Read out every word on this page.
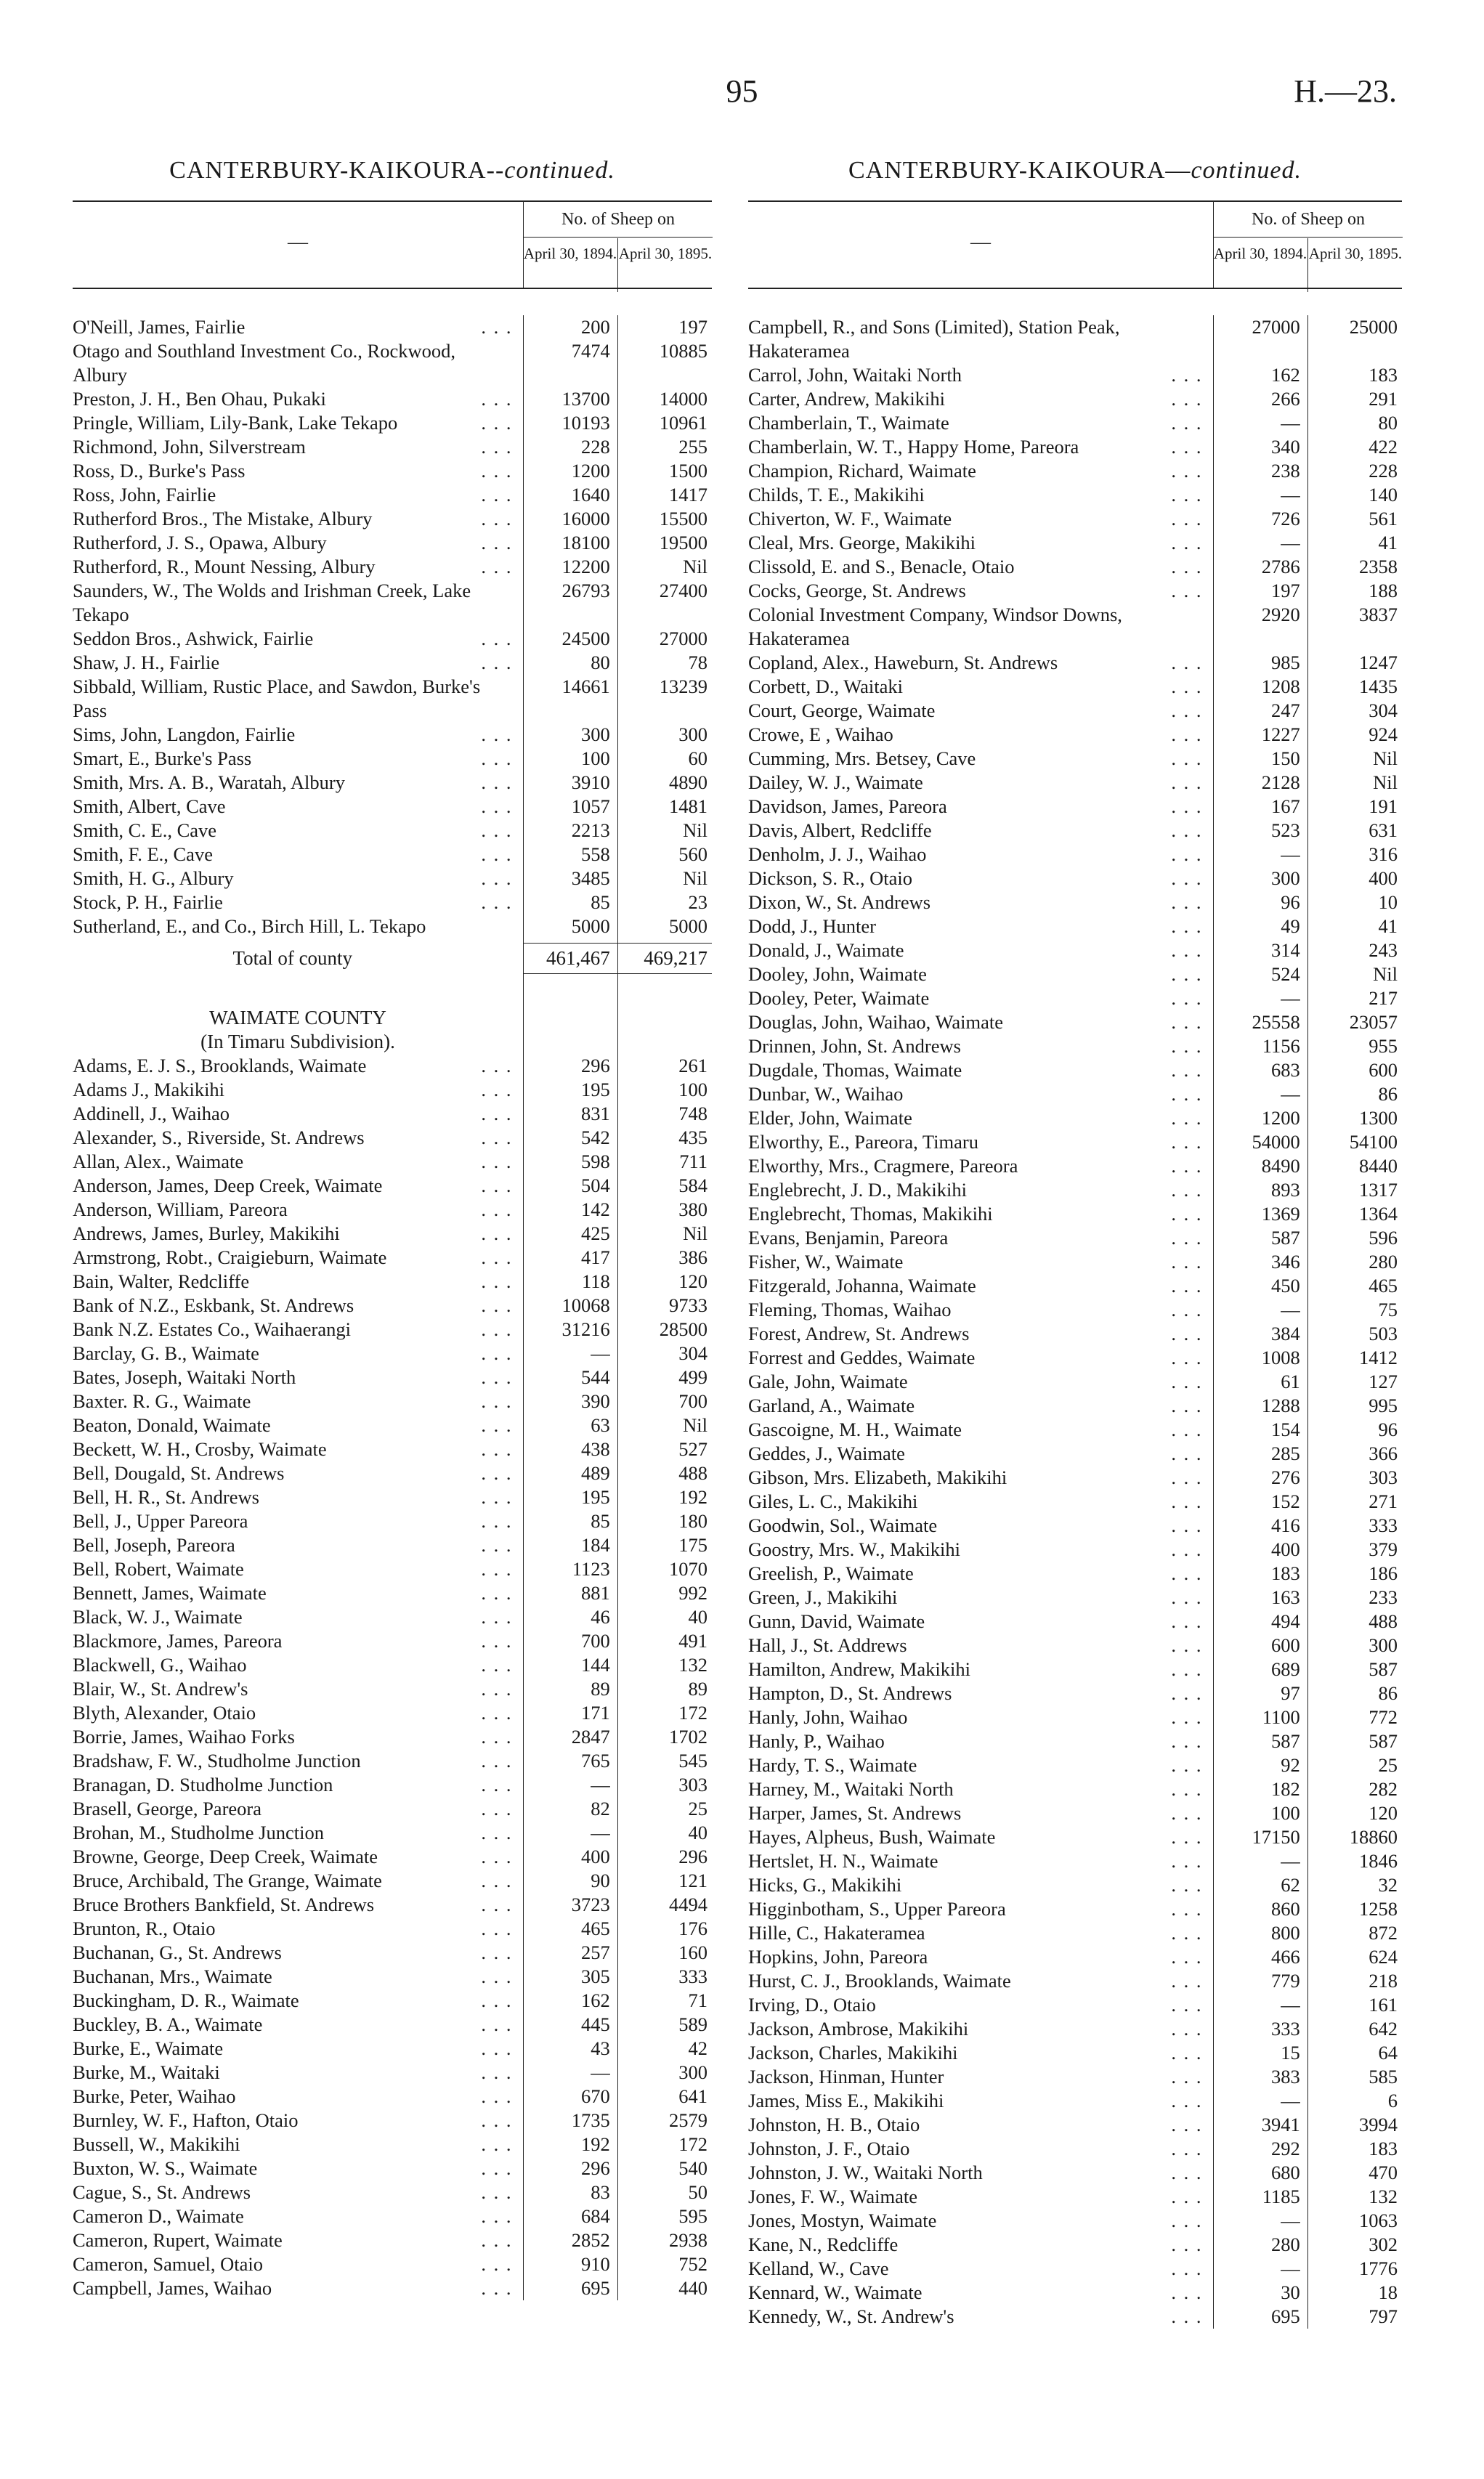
95	H.—23.
CANTERBURY-KAIKOURA--continued.
—
No. of Sheep on
April 30, 1894. April 30, 1895.
O'Neill, James, Fairlie	. . .	200	197
Otago and Southland Investment Co., Rockwood, Albury
7474	10885
Preston, J. H., Ben Ohau, Pukaki	. . .	13700	14000
Pringle, William, Lily-Bank, Lake Tekapo	. . .	10193	10961
Richmond, John, Silverstream	. . .	228	255
Ross, D., Burke's Pass	. . .	1200	1500
Ross, John, Fairlie	. . .	1640	1417
Rutherford Bros., The Mistake, Albury	. . .	16000	15500
Rutherford, J. S., Opawa, Albury	. . .	18100	19500
Rutherford, R., Mount Nessing, Albury	. . .	12200	Nil
Saunders, W., The Wolds and Irishman Creek, Lake Tekapo
26793	27400
Seddon Bros., Ashwick, Fairlie	. . .	24500	27000
Shaw, J. H., Fairlie	. . .	80	78
Sibbald, William, Rustic Place, and Sawdon, Burke's Pass
14661	13239
Sims, John, Langdon, Fairlie	. . .	300	300
Smart, E., Burke's Pass	. . .	100	60
Smith, Mrs. A. B., Waratah, Albury	. . .	3910	4890
Smith, Albert, Cave	. . .	1057	1481
Smith, C. E., Cave	. . .	2213	Nil
Smith, F. E., Cave	. . .	558	560
Smith, H. G., Albury	. . .	3485	Nil
Stock, P. H., Fairlie	. . .	85	23
Sutherland, E., and Co., Birch Hill, L. Tekapo	5000	5000
Total of county	461,467	469,217
WAIMATE COUNTY
(In Timaru Subdivision).
Adams, E. J. S., Brooklands, Waimate	. . .	296	261
Adams J., Makikihi	. . .	195	100
Addinell, J., Waihao	. . .	831	748
Alexander, S., Riverside, St. Andrews	. . .	542	435
Allan, Alex., Waimate	. . .	598	711
Anderson, James, Deep Creek, Waimate	. . .	504	584
Anderson, William, Pareora	. . .	142	380
Andrews, James, Burley, Makikihi	. . .	425	Nil
Armstrong, Robt., Craigieburn, Waimate	. . .	417	386
Bain, Walter, Redcliffe	. . .	118	120
Bank of N.Z., Eskbank, St. Andrews	. . .	10068	9733
Bank N.Z. Estates Co., Waihaerangi	. . .	31216	28500
Barclay, G. B., Waimate	. . .	—	304
Bates, Joseph, Waitaki North	. . .	544	499
Baxter. R. G., Waimate	. . .	390	700
Beaton, Donald, Waimate	. . .	63	Nil
Beckett, W. H., Crosby, Waimate	. . .	438	527
Bell, Dougald, St. Andrews	. . .	489	488
Bell, H. R., St. Andrews	. . .	195	192
Bell, J., Upper Pareora	. . .	85	180
Bell, Joseph, Pareora	. . .	184	175
Bell, Robert, Waimate	. . .	1123	1070
Bennett, James, Waimate	. . .	881	992
Black, W. J., Waimate	. . .	46	40
Blackmore, James, Pareora	. . .	700	491
Blackwell, G., Waihao	. . .	144	132
Blair, W., St. Andrew's	. . .	89	89
Blyth, Alexander, Otaio	. . .	171	172
Borrie, James, Waihao Forks	. . .	2847	1702
Bradshaw, F. W., Studholme Junction	. . .	765	545
Branagan, D. Studholme Junction	. . .	—	303
Brasell, George, Pareora	. . .	82	25
Brohan, M., Studholme Junction	. . .	—	40
Browne, George, Deep Creek, Waimate	. . .	400	296
Bruce, Archibald, The Grange, Waimate	. . .	90	121
Bruce Brothers Bankfield, St. Andrews	. . .	3723	4494
Brunton, R., Otaio	. . .	465	176
Buchanan, G., St. Andrews	. . .	257	160
Buchanan, Mrs., Waimate	. . .	305	333
Buckingham, D. R., Waimate	. . .	162	71
Buckley, B. A., Waimate	. . .	445	589
Burke, E., Waimate	. . .	43	42
Burke, M., Waitaki	. . .	—	300
Burke, Peter, Waihao	. . .	670	641
Burnley, W. F., Hafton, Otaio	. . .	1735	2579
Bussell, W., Makikihi	. . .	192	172
Buxton, W. S., Waimate	. . .	296	540
Cague, S., St. Andrews	. . .	83	50
Cameron D., Waimate	. . .	684	595
Cameron, Rupert, Waimate	. . .	2852	2938
Cameron, Samuel, Otaio	. . .	910	752
Campbell, James, Waihao	. . .	695	440
CANTERBURY-KAIKOURA—continued.
—
No. of Sheep on
April 30, 1894. April 30, 1895.
Campbell, R., and Sons (Limited), Station Peak, Hakateramea
27000	25000
Carrol, John, Waitaki North	. . .	162	183
Carter, Andrew, Makikihi	. . .	266	291
Chamberlain, T., Waimate	. . .	—	80
Chamberlain, W. T., Happy Home, Pareora	. . .	340	422
Champion, Richard, Waimate	. . .	238	228
Childs, T. E., Makikihi	. . .	—	140
Chiverton, W. F., Waimate	. . .	726	561
Cleal, Mrs. George, Makikihi	. . .	—	41
Clissold, E. and S., Benacle, Otaio	. . .	2786	2358
Cocks, George, St. Andrews	. . .	197	188
Colonial Investment Company, Windsor Downs, Hakateramea
2920	3837
Copland, Alex., Haweburn, St. Andrews	. . .	985	1247
Corbett, D., Waitaki	. . .	1208	1435
Court, George, Waimate	. . .	247	304
Crowe, E , Waihao	. . .	1227	924
Cumming, Mrs. Betsey, Cave	. . .	150	Nil
Dailey, W. J., Waimate	. . .	2128	Nil
Davidson, James, Pareora	. . .	167	191
Davis, Albert, Redcliffe	. . .	523	631
Denholm, J. J., Waihao	. . .	—	316
Dickson, S. R., Otaio	. . .	300	400
Dixon, W., St. Andrews	. . .	96	10
Dodd, J., Hunter	. . .	49	41
Donald, J., Waimate	. . .	314	243
Dooley, John, Waimate	. . .	524	Nil
Dooley, Peter, Waimate	. . .	—	217
Douglas, John, Waihao, Waimate	. . .	25558	23057
Drinnen, John, St. Andrews	. . .	1156	955
Dugdale, Thomas, Waimate	. . .	683	600
Dunbar, W., Waihao	. . .	—	86
Elder, John, Waimate	. . .	1200	1300
Elworthy, E., Pareora, Timaru	. . .	54000	54100
Elworthy, Mrs., Cragmere, Pareora	. . .	8490	8440
Englebrecht, J. D., Makikihi	. . .	893	1317
Englebrecht, Thomas, Makikihi	. . .	1369	1364
Evans, Benjamin, Pareora	. . .	587	596
Fisher, W., Waimate	. . .	346	280
Fitzgerald, Johanna, Waimate	. . .	450	465
Fleming, Thomas, Waihao	. . .	—	75
Forest, Andrew, St. Andrews	. . .	384	503
Forrest and Geddes, Waimate	. . .	1008	1412
Gale, John, Waimate	. . .	61	127
Garland, A., Waimate	. . .	1288	995
Gascoigne, M. H., Waimate	. . .	154	96
Geddes, J., Waimate	. . .	285	366
Gibson, Mrs. Elizabeth, Makikihi	. . .	276	303
Giles, L. C., Makikihi	. . .	152	271
Goodwin, Sol., Waimate	. . .	416	333
Goostry, Mrs. W., Makikihi	. . .	400	379
Greelish, P., Waimate	. . .	183	186
Green, J., Makikihi	. . .	163	233
Gunn, David, Waimate	. . .	494	488
Hall, J., St. Addrews	. . .	600	300
Hamilton, Andrew, Makikihi	. . .	689	587
Hampton, D., St. Andrews	. . .	97	86
Hanly, John, Waihao	. . .	1100	772
Hanly, P., Waihao	. . .	587	587
Hardy, T. S., Waimate	. . .	92	25
Harney, M., Waitaki North	. . .	182	282
Harper, James, St. Andrews	. . .	100	120
Hayes, Alpheus, Bush, Waimate	. . .	17150	18860
Hertslet, H. N., Waimate	. . .	—	1846
Hicks, G., Makikihi	. . .	62	32
Higginbotham, S., Upper Pareora	. . .	860	1258
Hille, C., Hakateramea	. . .	800	872
Hopkins, John, Pareora	. . .	466	624
Hurst, C. J., Brooklands, Waimate	. . .	779	218
Irving, D., Otaio	. . .	—	161
Jackson, Ambrose, Makikihi	. . .	333	642
Jackson, Charles, Makikihi	. . .	15	64
Jackson, Hinman, Hunter	. . .	383	585
James, Miss E., Makikihi	. . .	—	6
Johnston, H. B., Otaio	. . .	3941	3994
Johnston, J. F., Otaio	. . .	292	183
Johnston, J. W., Waitaki North	. . .	680	470
Jones, F. W., Waimate	. . .	1185	132
Jones, Mostyn, Waimate	. . .	—	1063
Kane, N., Redcliffe	. . .	280	302
Kelland, W., Cave	. . .	—	1776
Kennard, W., Waimate	. . .	30	18
Kennedy, W., St. Andrew's	. . .	695	797
